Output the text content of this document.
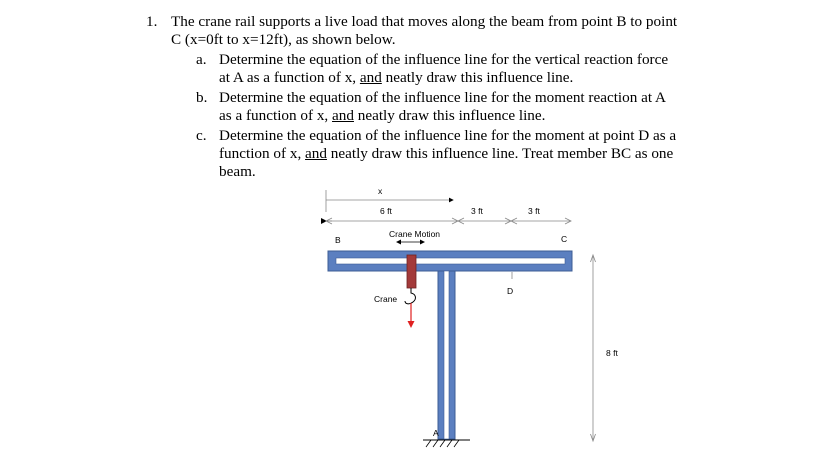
1. The crane rail supports a live load that moves along the beam from point B to point
C (x=0ft to x=12ft), as shown below.
a. Determine the equation of the influence line for the vertical reaction force
at A as a function of x, and neatly draw this influence line.
b. Determine the equation of the influence line for the moment reaction at A
as a function of x, and neatly draw this influence line.
c. Determine the equation of the influence line for the moment at point D as a
function of x, and neatly draw this influence line. Treat member BC as one
beam.
x
6 ft	3 ft	3 ft
Crane Motion
B	C
D
Crane
8 ft
A
